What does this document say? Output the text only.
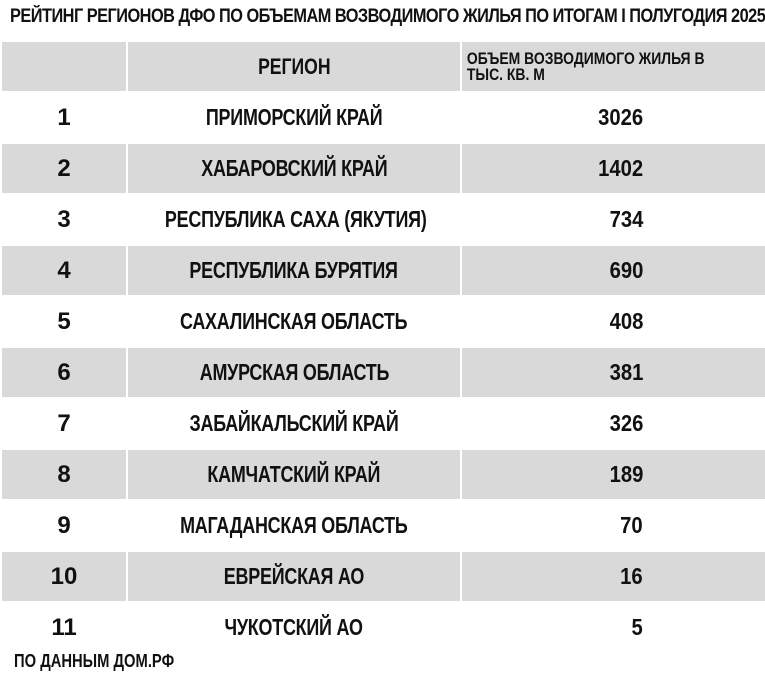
РЕЙТИНГ РЕГИОНОВ ДФО ПО ОБЪЕМАМ ВОЗВОДИМОГО ЖИЛЬЯ ПО ИТОГАМ I ПОЛУГОДИЯ 2025
	РЕГИОН	ОБЪЕМ ВОЗВОДИМОГО ЖИЛЬЯ В ТЫС. КВ. М
1	ПРИМОРСКИЙ КРАЙ	3026
2	ХАБАРОВСКИЙ КРАЙ	1402
3	РЕСПУБЛИКА САХА (ЯКУТИЯ)	734
4	РЕСПУБЛИКА БУРЯТИЯ	690
5	САХАЛИНСКАЯ ОБЛАСТЬ	408
6	АМУРСКАЯ ОБЛАСТЬ	381
7	ЗАБАЙКАЛЬСКИЙ КРАЙ	326
8	КАМЧАТСКИЙ КРАЙ	189
9	МАГАДАНСКАЯ ОБЛАСТЬ	70
10	ЕВРЕЙСКАЯ АО	16
11	ЧУКОТСКИЙ АО	5
ПО ДАННЫМ ДОМ.РФ
